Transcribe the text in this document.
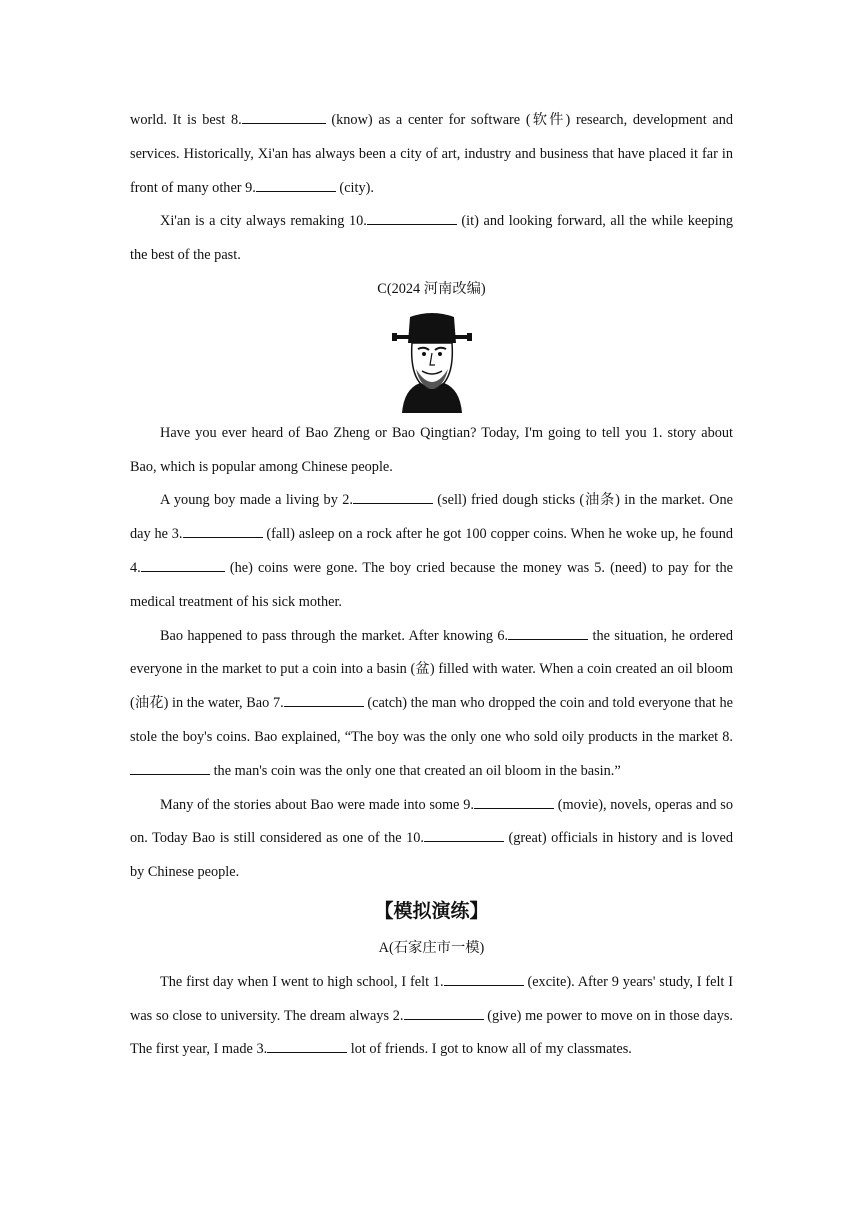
world. It is best 8.	(know) as a center for software (软件) research, development and services. Historically, Xi'an has always been a city of art, industry and business that have placed it far in front of many other 9.	(city).

Xi'an is a city always remaking 10.	(it) and looking forward, all the while keeping the best of the past.

C(2024 河南改编)

Have you ever heard of Bao Zheng or Bao Qingtian? Today, I'm going to tell you 1. story about Bao, which is popular among Chinese people.

A young boy made a living by 2.	(sell) fried dough sticks (油条) in the market. One day he 3.	(fall) asleep on a rock after he got 100 copper coins. When he woke up, he found 4.	(he) coins were gone. The boy cried because the money was 5. (need) to pay for the medical treatment of his sick mother.

Bao happened to pass through the market. After knowing 6.	the situation, he ordered everyone in the market to put a coin into a basin (盆) filled with water. When a coin created an oil bloom (油花) in the water, Bao 7.	(catch) the man who dropped the coin and told everyone that he stole the boy's coins. Bao explained, “The boy was the only one who sold oily products in the market 8. the man's coin was the only one that created an oil bloom in the basin.”

Many of the stories about Bao were made into some 9.	(movie), novels, operas and so on. Today Bao is still considered as one of the 10.	(great) officials in history and is loved by Chinese people.

【模拟演练】

A(石家庄市一模)

The first day when I went to high school, I felt 1.	(excite). After 9 years' study, I felt I was so close to university. The dream always 2.	(give) me power to move on in those days. The first year, I made 3.	lot of friends. I got to know all of my classmates.
